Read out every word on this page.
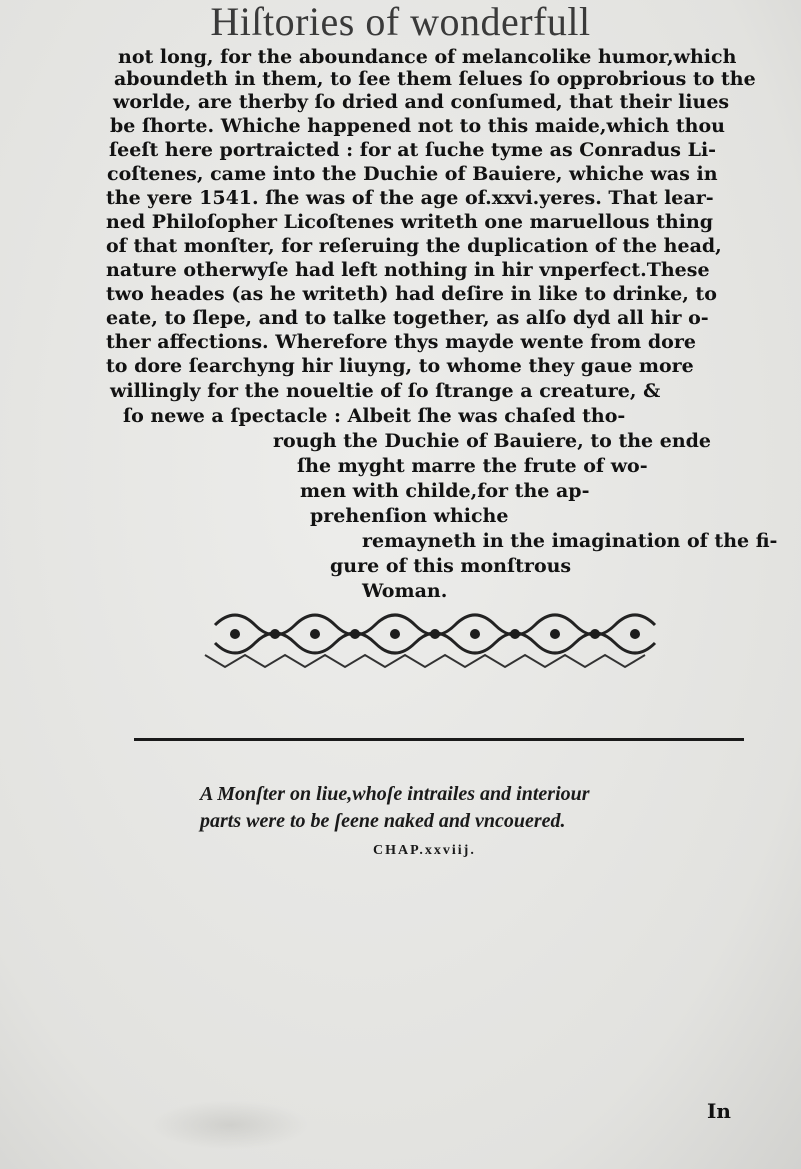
Hiſtories of wonderfull
not long, for the aboundance of melancolike humor,which
aboundeth in them, to ſee them ſelues ſo opprobrious to the
worlde, are therby ſo dried and conſumed, that their liues
be ſhorte. Whiche happened not to this maide,which thou
ſeeſt here portraicted : for at ſuche tyme as Conradus Li-
coſtenes, came into the Duchie of Bauiere, whiche was in
the yere 1541. ſhe was of the age of.xxvi.yeres. That lear-
ned Philoſopher Licoſtenes writeth one maruellous thing
of that monſter, for reſeruing the duplication of the head,
nature otherwyſe had left nothing in hir vnperfect.These
two heades (as he writeth) had deſire in like to drinke, to
eate, to ſlepe, and to talke together, as alſo dyd all hir o-
ther affections. Wherefore thys mayde wente from dore
to dore ſearchyng hir liuyng, to whome they gaue more
willingly for the noueltie of ſo ſtrange a creature, &
ſo newe a ſpectacle : Albeit ſhe was chaſed tho-
rough the Duchie of Bauiere, to the ende
ſhe myght marre the frute of wo-
men with childe,for the ap-
prehenſion whiche
remayneth in the imagination of the fi-
gure of this monſtrous
Woman.
A Monſter on liue,whoſe intrailes and interiour
parts were to be ſeene naked and vncouered.
CHAP.xxviij.
In
